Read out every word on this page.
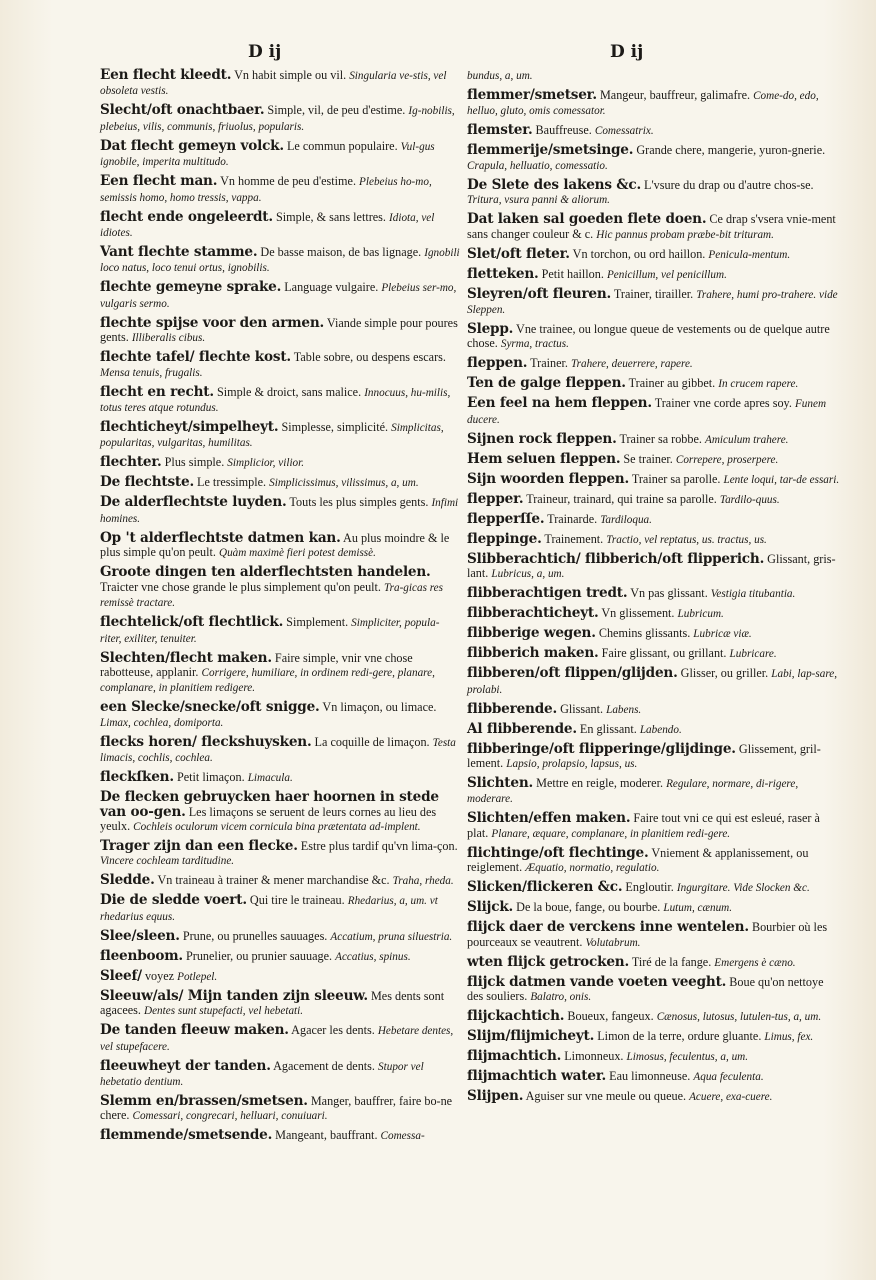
D ij	D ij

Een flecht kleedt. Vn habit simple ou vil. Singularia ve-stis, vel obsoleta vestis.

Slecht/oft onachtbaer. Simple, vil, de peu d'estime. Ig-nobilis, plebeius, vilis, communis, friuolus, popularis.

Dat flecht gemeyn volck. Le commun populaire. Vul-gus ignobile, imperita multitudo.

Een flecht man. Vn homme de peu d'estime. Plebeius ho-mo, semissis homo, homo tressis, vappa.

flecht ende ongeleerdt. Simple, & sans lettres. Idiota, vel idiotes.

Vant flechte stamme. De basse maison, de bas lignage. Ignobili loco natus, loco tenui ortus, ignobilis.

flechte gemeyne sprake. Language vulgaire. Plebeius ser-mo, vulgaris sermo.

flechte spijse voor den armen. Viande simple pour poures gents. Illiberalis cibus.

flechte tafel/ flechte kost. Table sobre, ou despens escars. Mensa tenuis, frugalis.

flecht en recht. Simple & droict, sans malice. Innocuus, hu-milis, totus teres atque rotundus.

flechticheyt/simpelheyt. Simplesse, simplicité. Simplicitas, popularitas, vulgaritas, humilitas.

flechter. Plus simple. Simplicior, vilior.

De flechtste. Le tressimple. Simplicissimus, vilissimus, a, um.

De alderflechtste luyden. Touts les plus simples gents. Infimi homines.

Op 't alderflechtste datmen kan. Au plus moindre & le plus simple qu'on peult. Quàm maximè fieri potest demissè.

Groote dingen ten alderflechtsten handelen. Traicter vne chose grande le plus simplement qu'on peult. Tra-gicas res remissè tractare.

flechtelick/oft flechtlick. Simplement. Simpliciter, popula-riter, exiliter, tenuiter.

Slechten/flecht maken. Faire simple, vnir vne chose rabotteuse, applanir. Corrigere, humiliare, in ordinem redi-gere, planare, complanare, in planitiem redigere.

een Slecke/snecke/oft snigge. Vn limaçon, ou limace. Limax, cochlea, domiporta.

flecks horen/ fleckshuysken. La coquille de limaçon. Testa limacis, cochlis, cochlea.

fleckſken. Petit limaçon. Limacula.

De flecken gebruycken haer hoornen in stede van oo-gen. Les limaçons se seruent de leurs cornes au lieu des yeulx. Cochleis oculorum vicem cornicula bina prætentata ad-implent.

Trager zijn dan een flecke. Estre plus tardif qu'vn lima-çon. Vincere cochleam tarditudine.

Sledde. Vn traineau à trainer & mener marchandise &c. Traha, rheda.

Die de sledde voert. Qui tire le traineau. Rhedarius, a, um. vt rhedarius equus.

Slee/sleen. Prune, ou prunelles sauuages. Accatium, pruna siluestria.

fleenboom. Prunelier, ou prunier sauuage. Accatius, spinus.

Sleef/ voyez Potlepel.

Sleeuw/als/ Mijn tanden zijn sleeuw. Mes dents sont agacees. Dentes sunt stupefacti, vel hebetati.

De tanden fleeuw maken. Agacer les dents. Hebetare dentes, vel stupefacere.

fleeuwheyt der tanden. Agacement de dents. Stupor vel hebetatio dentium.

Slemm en/brassen/smetsen. Manger, bauffrer, faire bo-ne chere. Comessari, congrecari, helluari, conuiuari.

flemmende/smetsende. Mangeant, bauffrant. Comessa-

bundus, a, um.

flemmer/smetser. Mangeur, bauffreur, galimafre. Come-do, edo, helluo, gluto, omis comessator.

flemster. Bauffreuse. Comessatrix.

flemmerije/smetsinge. Grande chere, mangerie, yuron-gnerie. Crapula, helluatio, comessatio.

De Slete des lakens &c. L'vsure du drap ou d'autre chos-se. Tritura, vsura panni & aliorum.

Dat laken sal goeden flete doen. Ce drap s'vsera vnie-ment sans changer couleur & c. Hic pannus probam præbe-bit trituram.

Slet/oft fleter. Vn torchon, ou ord haillon. Penicula-mentum.

fletteken. Petit haillon. Penicillum, vel penicillum.

Sleyren/oft fleuren. Trainer, tirailler. Trahere, humi pro-trahere. vide Sleppen.

Slepp. Vne trainee, ou longue queue de vestements ou de quelque autre chose. Syrma, tractus.

fleppen. Trainer. Trahere, deuerrere, rapere.

Ten de galge fleppen. Trainer au gibbet. In crucem rapere.

Een feel na hem fleppen. Trainer vne corde apres soy. Funem ducere.

Sijnen rock fleppen. Trainer sa robbe. Amiculum trahere.

Hem seluen fleppen. Se trainer. Correpere, proserpere.

Sijn woorden fleppen. Trainer sa parolle. Lente loqui, tar-de essari.

flepper. Traineur, trainard, qui traine sa parolle. Tardilo-quus.

flepperſſe. Trainarde. Tardiloqua.

fleppinge. Trainement. Tractio, vel reptatus, us. tractus, us.

Slibberachtich/ flibberich/oft flipperich. Glissant, gris-lant. Lubricus, a, um.

flibberachtigen tredt. Vn pas glissant. Vestigia titubantia.

flibberachticheyt. Vn glissement. Lubricum.

flibberige wegen. Chemins glissants. Lubricæ viæ.

flibberich maken. Faire glissant, ou grillant. Lubricare.

flibberen/oft flippen/glijden. Glisser, ou griller. Labi, lap-sare, prolabi.

flibberende. Glissant. Labens.

Al flibberende. En glissant. Labendo.

flibberinge/oft flipperinge/glijdinge. Glissement, gril-lement. Lapsio, prolapsio, lapsus, us.

Slichten. Mettre en reigle, moderer. Regulare, normare, di-rigere, moderare.

Slichten/effen maken. Faire tout vni ce qui est esleué, raser à plat. Planare, æquare, complanare, in planitiem redi-gere.

flichtinge/oft flechtinge. Vniement & applanissement, ou reiglement. Æquatio, normatio, regulatio.

Slicken/flickeren &c. Engloutir. Ingurgitare. Vide Slocken &c.

Slijck. De la boue, fange, ou bourbe. Lutum, cænum.

flijck daer de verckens inne wentelen. Bourbier où les pourceaux se veautrent. Volutabrum.

wten flijck getrocken. Tiré de la fange. Emergens è cæno.

flijck datmen vande voeten veeght. Boue qu'on nettoye des souliers. Balatro, onis.

flijckachtich. Boueux, fangeux. Cænosus, lutosus, lutulen-tus, a, um.

Slijm/flijmicheyt. Limon de la terre, ordure gluante. Limus, fex.

flijmachtich. Limonneux. Limosus, feculentus, a, um.

flijmachtich water. Eau limonneuse. Aqua feculenta.

Slijpen. Aguiser sur vne meule ou queue. Acuere, exa-cuere.
